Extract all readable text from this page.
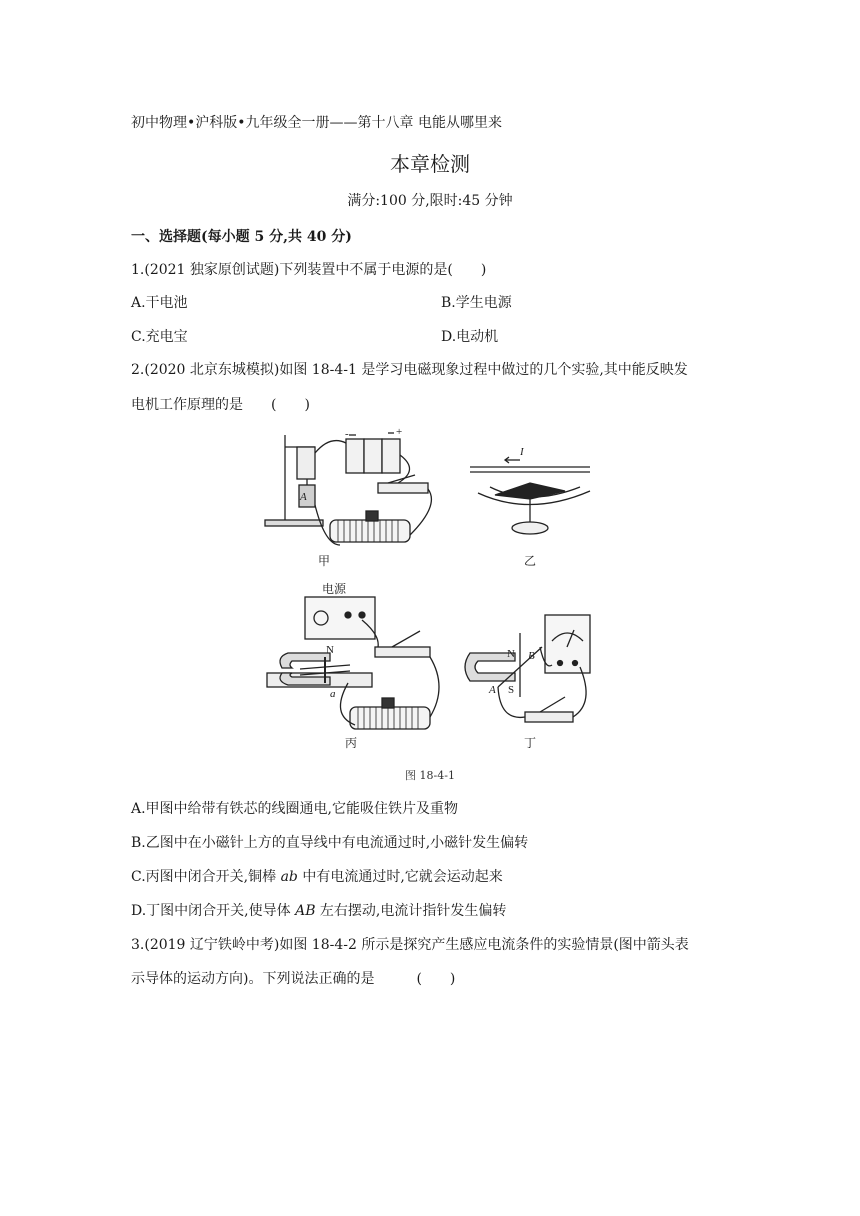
初中物理•沪科版•九年级全一册——第十八章 电能从哪里来
本章检测
满分:100 分,限时:45 分钟
一、选择题(每小题 5 分,共 40 分)
1.(2021 独家原创试题)下列装置中不属于电源的是(　　)
A.干电池	B.学生电源
C.充电宝	D.电动机
2.(2020 北京东城模拟)如图 18-4-1 是学习电磁现象过程中做过的几个实验,其中能反映发
电机工作原理的是　　(　　)
A
I
N
a
N
S
A
B
-	+
电源
甲	乙
丙	丁
图 18-4-1
A.甲图中给带有铁芯的线圈通电,它能吸住铁片及重物
B.乙图中在小磁针上方的直导线中有电流通过时,小磁针发生偏转
C.丙图中闭合开关,铜棒 ab 中有电流通过时,它就会运动起来
D.丁图中闭合开关,使导体 AB 左右摆动,电流计指针发生偏转
3.(2019 辽宁铁岭中考)如图 18-4-2 所示是探究产生感应电流条件的实验情景(图中箭头表
示导体的运动方向)。下列说法正确的是　　　(　　)
